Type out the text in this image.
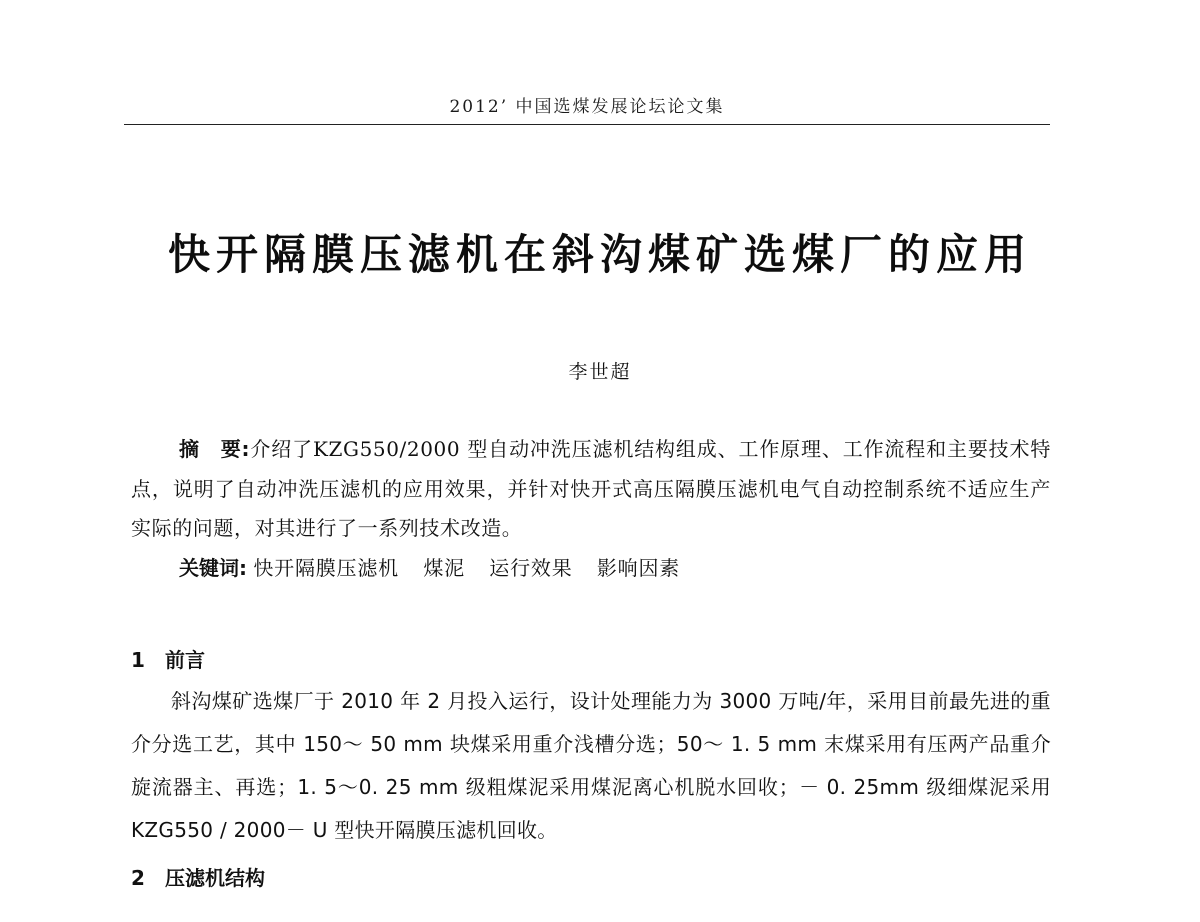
2012’ 中国选煤发展论坛论文集
快开隔膜压滤机在斜沟煤矿选煤厂的应用
李世超
摘　要:介绍了KZG550/2000 型自动冲洗压滤机结构组成、工作原理、工作流程和主要技术特点，说明了自动冲洗压滤机的应用效果，并针对快开式高压隔膜压滤机电气自动控制系统不适应生产实际的问题，对其进行了一系列技术改造。
关键词: 快开隔膜压滤机 煤泥 运行效果 影响因素
1 前言
斜沟煤矿选煤厂于 2010 年 2 月投入运行，设计处理能力为 3000 万吨/年，采用目前最先进的重介分选工艺，其中 150～ 50 mm 块煤采用重介浅槽分选；50～ 1. 5 mm 末煤采用有压两产品重介旋流器主、再选；1. 5～0. 25 mm 级粗煤泥采用煤泥离心机脱水回收；－ 0. 25mm 级细煤泥采用 KZG550 / 2000－ U 型快开隔膜压滤机回收。
2 压滤机结构
